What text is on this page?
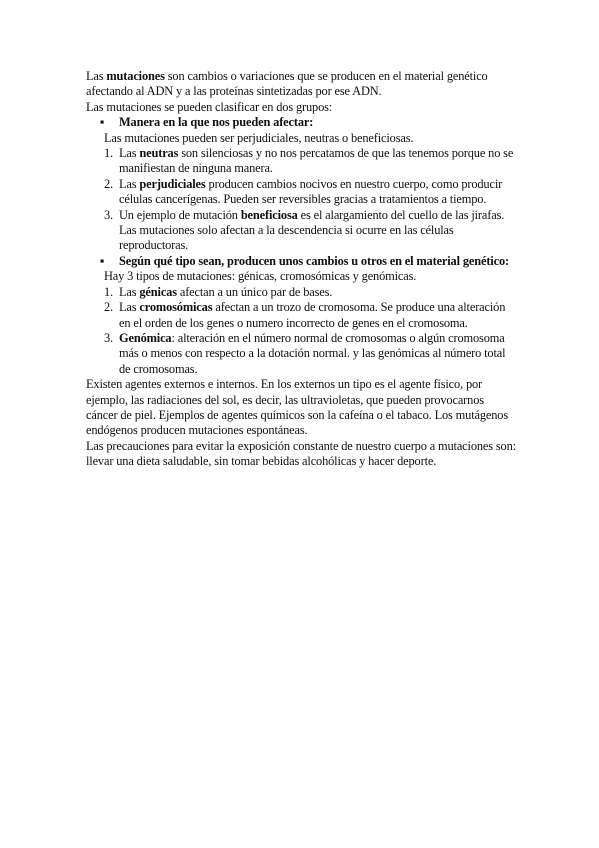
Las mutaciones son cambios o variaciones que se producen en el material genético afectando al ADN y a las proteínas sintetizadas por ese ADN.

Las mutaciones se pueden clasificar en dos grupos:

▪ Manera en la que nos pueden afectar:

Las mutaciones pueden ser perjudiciales, neutras o beneficiosas.

1. Las neutras son silenciosas y no nos percatamos de que las tenemos porque no se manifiestan de ninguna manera.
2. Las perjudiciales producen cambios nocivos en nuestro cuerpo, como producir células cancerígenas. Pueden ser reversibles gracias a tratamientos a tiempo.
3. Un ejemplo de mutación beneficiosa es el alargamiento del cuello de las jirafas. Las mutaciones solo afectan a la descendencia si ocurre en las células reproductoras.
▪ Según qué tipo sean, producen unos cambios u otros en el material genético:

Hay 3 tipos de mutaciones: génicas, cromosómicas y genómicas.

1. Las génicas afectan a un único par de bases.
2. Las cromosómicas afectan a un trozo de cromosoma. Se produce una alteración en el orden de los genes o numero incorrecto de genes en el cromosoma.
3. Genómica: alteración en el número normal de cromosomas o algún cromosoma más o menos con respecto a la dotación normal. y las genómicas al número total de cromosomas.

Existen agentes externos e internos. En los externos un tipo es el agente físico, por ejemplo, las radiaciones del sol, es decir, las ultravioletas, que pueden provocarnos cáncer de piel. Ejemplos de agentes químicos son la cafeína o el tabaco. Los mutágenos endógenos producen mutaciones espontáneas.

Las precauciones para evitar la exposición constante de nuestro cuerpo a mutaciones son: llevar una dieta saludable, sin tomar bebidas alcohólicas y hacer deporte.
